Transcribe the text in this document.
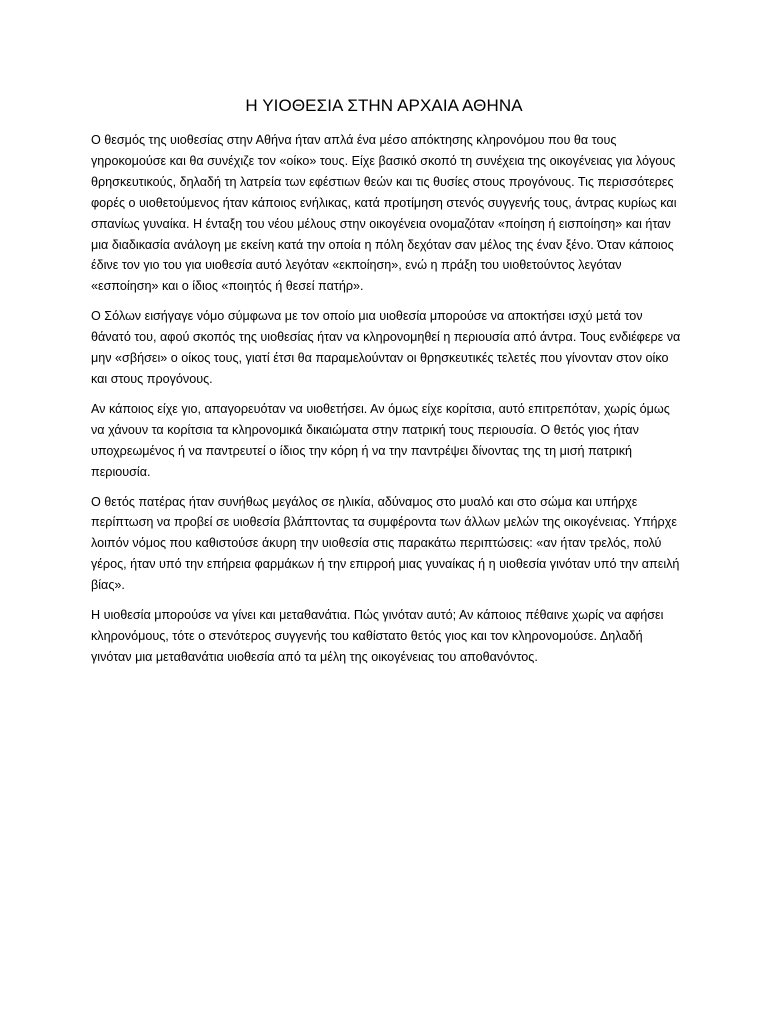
Η ΥΙΟΘΕΣΙΑ ΣΤΗΝ ΑΡΧΑΙΑ ΑΘΗΝΑ

Ο θεσμός της υιοθεσίας στην Αθήνα ήταν απλά ένα μέσο απόκτησης κληρονόμου που θα τους γηροκομούσε και θα συνέχιζε τον «οίκο» τους. Είχε βασικό σκοπό τη συνέχεια της οικογένειας για λόγους θρησκευτικούς, δηλαδή τη λατρεία των εφέστιων θεών και τις θυσίες στους προγόνους. Τις περισσότερες φορές ο υιοθετούμενος ήταν κάποιος ενήλικας, κατά προτίμηση στενός συγγενής τους, άντρας κυρίως και σπανίως γυναίκα. Η ένταξη του νέου μέλους στην οικογένεια ονομαζόταν «ποίηση ή εισποίηση» και ήταν μια διαδικασία ανάλογη με εκείνη κατά την οποία η πόλη δεχόταν σαν μέλος της έναν ξένο. Όταν κάποιος έδινε τον γιο του για υιοθεσία αυτό λεγόταν «εκποίηση», ενώ η πράξη του υιοθετούντος λεγόταν «εσποίηση» και ο ίδιος «ποιητός ή θεσεί πατήρ».

Ο Σόλων εισήγαγε νόμο σύμφωνα με τον οποίο μια υιοθεσία μπορούσε να αποκτήσει ισχύ μετά τον θάνατό του, αφού σκοπός της υιοθεσίας ήταν να κληρονομηθεί η περιουσία από άντρα. Τους ενδιέφερε να μην «σβήσει» ο οίκος τους, γιατί έτσι θα παραμελούνταν οι θρησκευτικές τελετές που γίνονταν στον οίκο και στους προγόνους.

Αν κάποιος είχε γιο, απαγορευόταν να υιοθετήσει. Αν όμως είχε κορίτσια, αυτό επιτρεπόταν, χωρίς όμως να χάνουν τα κορίτσια τα κληρονομικά δικαιώματα στην πατρική τους περιουσία. Ο θετός γιος ήταν υποχρεωμένος ή να παντρευτεί ο ίδιος την κόρη ή να την παντρέψει δίνοντας της τη μισή πατρική περιουσία.

Ο θετός πατέρας ήταν συνήθως μεγάλος σε ηλικία, αδύναμος στο μυαλό και στο σώμα και υπήρχε περίπτωση να προβεί σε υιοθεσία βλάπτοντας τα συμφέροντα των άλλων μελών της οικογένειας. Υπήρχε λοιπόν νόμος που καθιστούσε άκυρη την υιοθεσία στις παρακάτω περιπτώσεις: «αν ήταν τρελός, πολύ γέρος, ήταν υπό την επήρεια φαρμάκων ή την επιρροή μιας γυναίκας ή η υιοθεσία γινόταν υπό την απειλή βίας».

Η υιοθεσία μπορούσε να γίνει και μεταθανάτια. Πώς γινόταν αυτό; Αν κάποιος πέθαινε χωρίς να αφήσει κληρονόμους, τότε ο στενότερος συγγενής του καθίστατο θετός γιος και τον κληρονομούσε. Δηλαδή γινόταν μια μεταθανάτια υιοθεσία από τα μέλη της οικογένειας του αποθανόντος.
